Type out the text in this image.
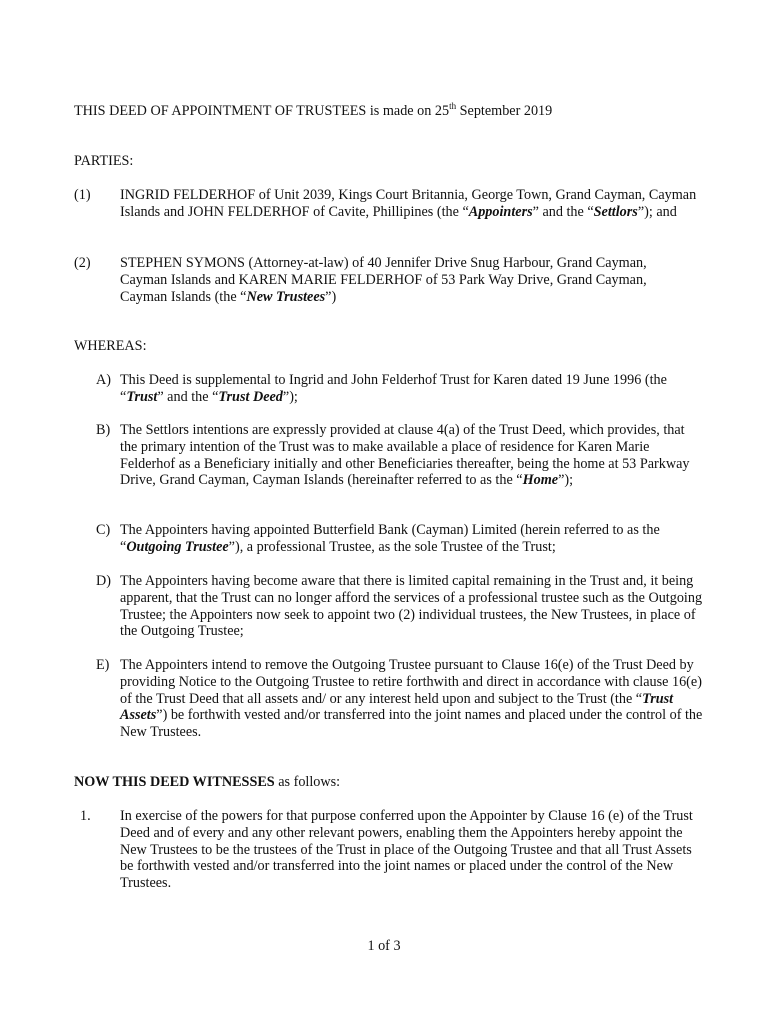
THIS DEED OF APPOINTMENT OF TRUSTEES is made on 25th September 2019
PARTIES:
(1) INGRID FELDERHOF of Unit 2039, Kings Court Britannia, George Town, Grand Cayman, Cayman Islands and JOHN FELDERHOF of Cavite, Phillipines (the “Appointers” and the “Settlors”); and
(2) STEPHEN SYMONS (Attorney-at-law) of 40 Jennifer Drive Snug Harbour, Grand Cayman, Cayman Islands and KAREN MARIE FELDERHOF of 53 Park Way Drive, Grand Cayman, Cayman Islands (the “New Trustees”)
WHEREAS:
A) This Deed is supplemental to Ingrid and John Felderhof Trust for Karen dated 19 June 1996 (the “Trust” and the “Trust Deed”);
B) The Settlors intentions are expressly provided at clause 4(a) of the Trust Deed, which provides, that the primary intention of the Trust was to make available a place of residence for Karen Marie Felderhof as a Beneficiary initially and other Beneficiaries thereafter, being the home at 53 Parkway Drive, Grand Cayman, Cayman Islands (hereinafter referred to as the “Home”);
C) The Appointers having appointed Butterfield Bank (Cayman) Limited (herein referred to as the “Outgoing Trustee”), a professional Trustee, as the sole Trustee of the Trust;
D) The Appointers having become aware that there is limited capital remaining in the Trust and, it being apparent, that the Trust can no longer afford the services of a professional trustee such as the Outgoing Trustee; the Appointers now seek to appoint two (2) individual trustees, the New Trustees, in place of the Outgoing Trustee;
E) The Appointers intend to remove the Outgoing Trustee pursuant to Clause 16(e) of the Trust Deed by providing Notice to the Outgoing Trustee to retire forthwith and direct in accordance with clause 16(e) of the Trust Deed that all assets and/ or any interest held upon and subject to the Trust (the “Trust Assets”) be forthwith vested and/or transferred into the joint names and placed under the control of the New Trustees.
NOW THIS DEED WITNESSES as follows:
1. In exercise of the powers for that purpose conferred upon the Appointer by Clause 16 (e) of the Trust Deed and of every and any other relevant powers, enabling them the Appointers hereby appoint the New Trustees to be the trustees of the Trust in place of the Outgoing Trustee and that all Trust Assets be forthwith vested and/or transferred into the joint names or placed under the control of the New Trustees.
1 of 3
